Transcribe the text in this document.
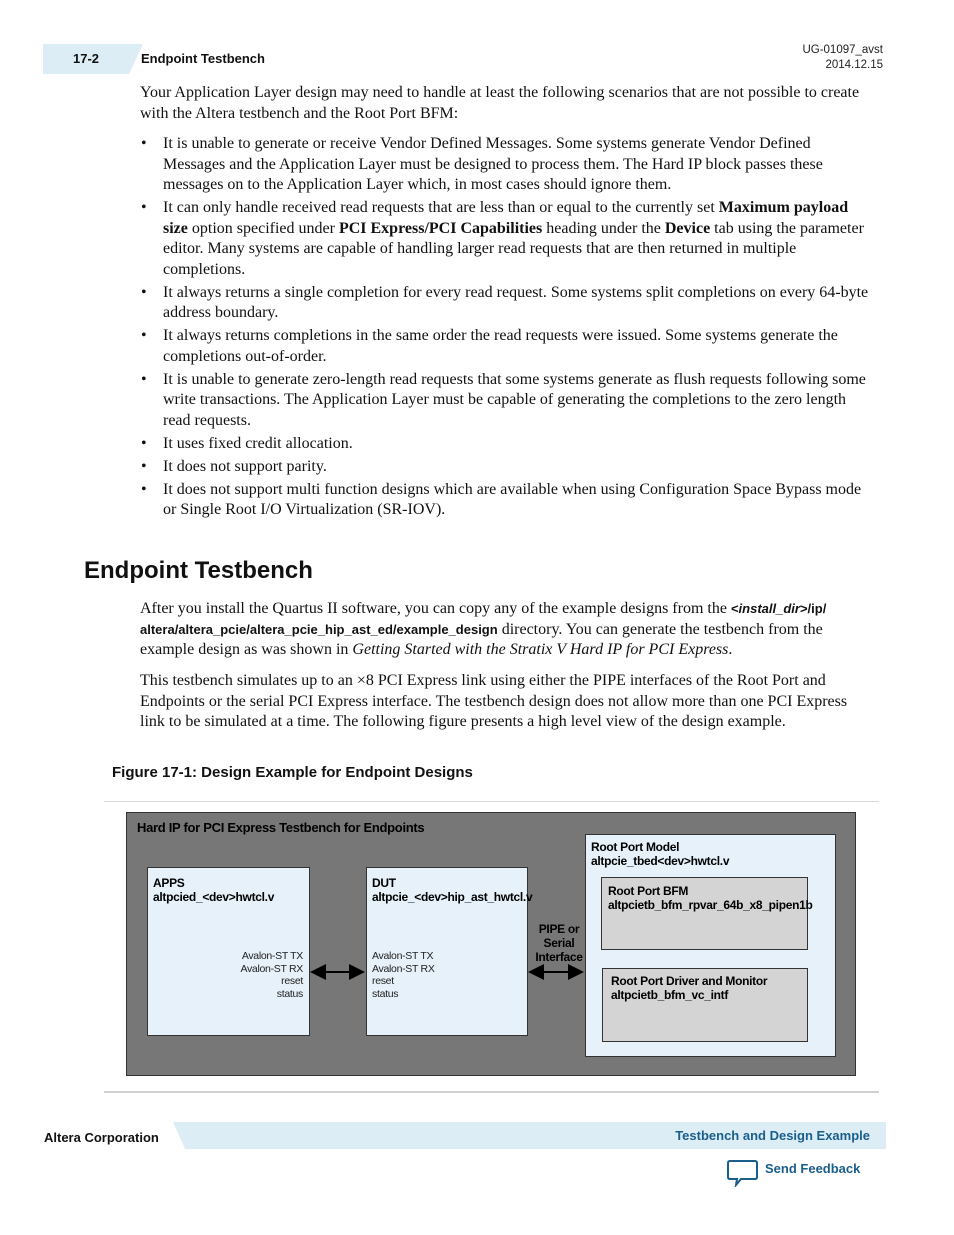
17-2	Endpoint Testbench
UG-01097_avst
2014.12.15
Your Application Layer design may need to handle at least the following scenarios that are not possible to create with the Altera testbench and the Root Port BFM:
• It is unable to generate or receive Vendor Defined Messages. Some systems generate Vendor Defined Messages and the Application Layer must be designed to process them. The Hard IP block passes these messages on to the Application Layer which, in most cases should ignore them.
• It can only handle received read requests that are less than or equal to the currently set Maximum payload size option specified under PCI Express/PCI Capabilities heading under the Device tab using the parameter editor. Many systems are capable of handling larger read requests that are then returned in multiple completions.
• It always returns a single completion for every read request. Some systems split completions on every 64-byte address boundary.
• It always returns completions in the same order the read requests were issued. Some systems generate the completions out-of-order.
• It is unable to generate zero-length read requests that some systems generate as flush requests following some write transactions. The Application Layer must be capable of generating the completions to the zero length read requests.
• It uses fixed credit allocation.
• It does not support parity.
• It does not support multi function designs which are available when using Configuration Space Bypass mode or Single Root I/O Virtualization (SR-IOV).
Endpoint Testbench
After you install the Quartus II software, you can copy any of the example designs from the <install_dir>/ip/ altera/altera_pcie/altera_pcie_hip_ast_ed/example_design directory. You can generate the testbench from the example design as was shown in Getting Started with the Stratix V Hard IP for PCI Express.
This testbench simulates up to an ×8 PCI Express link using either the PIPE interfaces of the Root Port and Endpoints or the serial PCI Express interface. The testbench design does not allow more than one PCI Express link to be simulated at a time. The following figure presents a high level view of the design example.
Figure 17-1: Design Example for Endpoint Designs
Hard IP for PCI Express Testbench for Endpoints
APPS
altpcied_<dev>hwtcl.v
Avalon-ST TX
Avalon-ST RX
reset
status
DUT
altpcie_<dev>hip_ast_hwtcl.v
Avalon-ST TX
Avalon-ST RX
reset
status
PIPE or
Serial
Interface
Root Port Model
altpcie_tbed<dev>hwtcl.v
Root Port BFM
altpcietb_bfm_rpvar_64b_x8_pipen1b
Root Port Driver and Monitor
altpcietb_bfm_vc_intf
Altera Corporation	Testbench and Design Example
Send Feedback
